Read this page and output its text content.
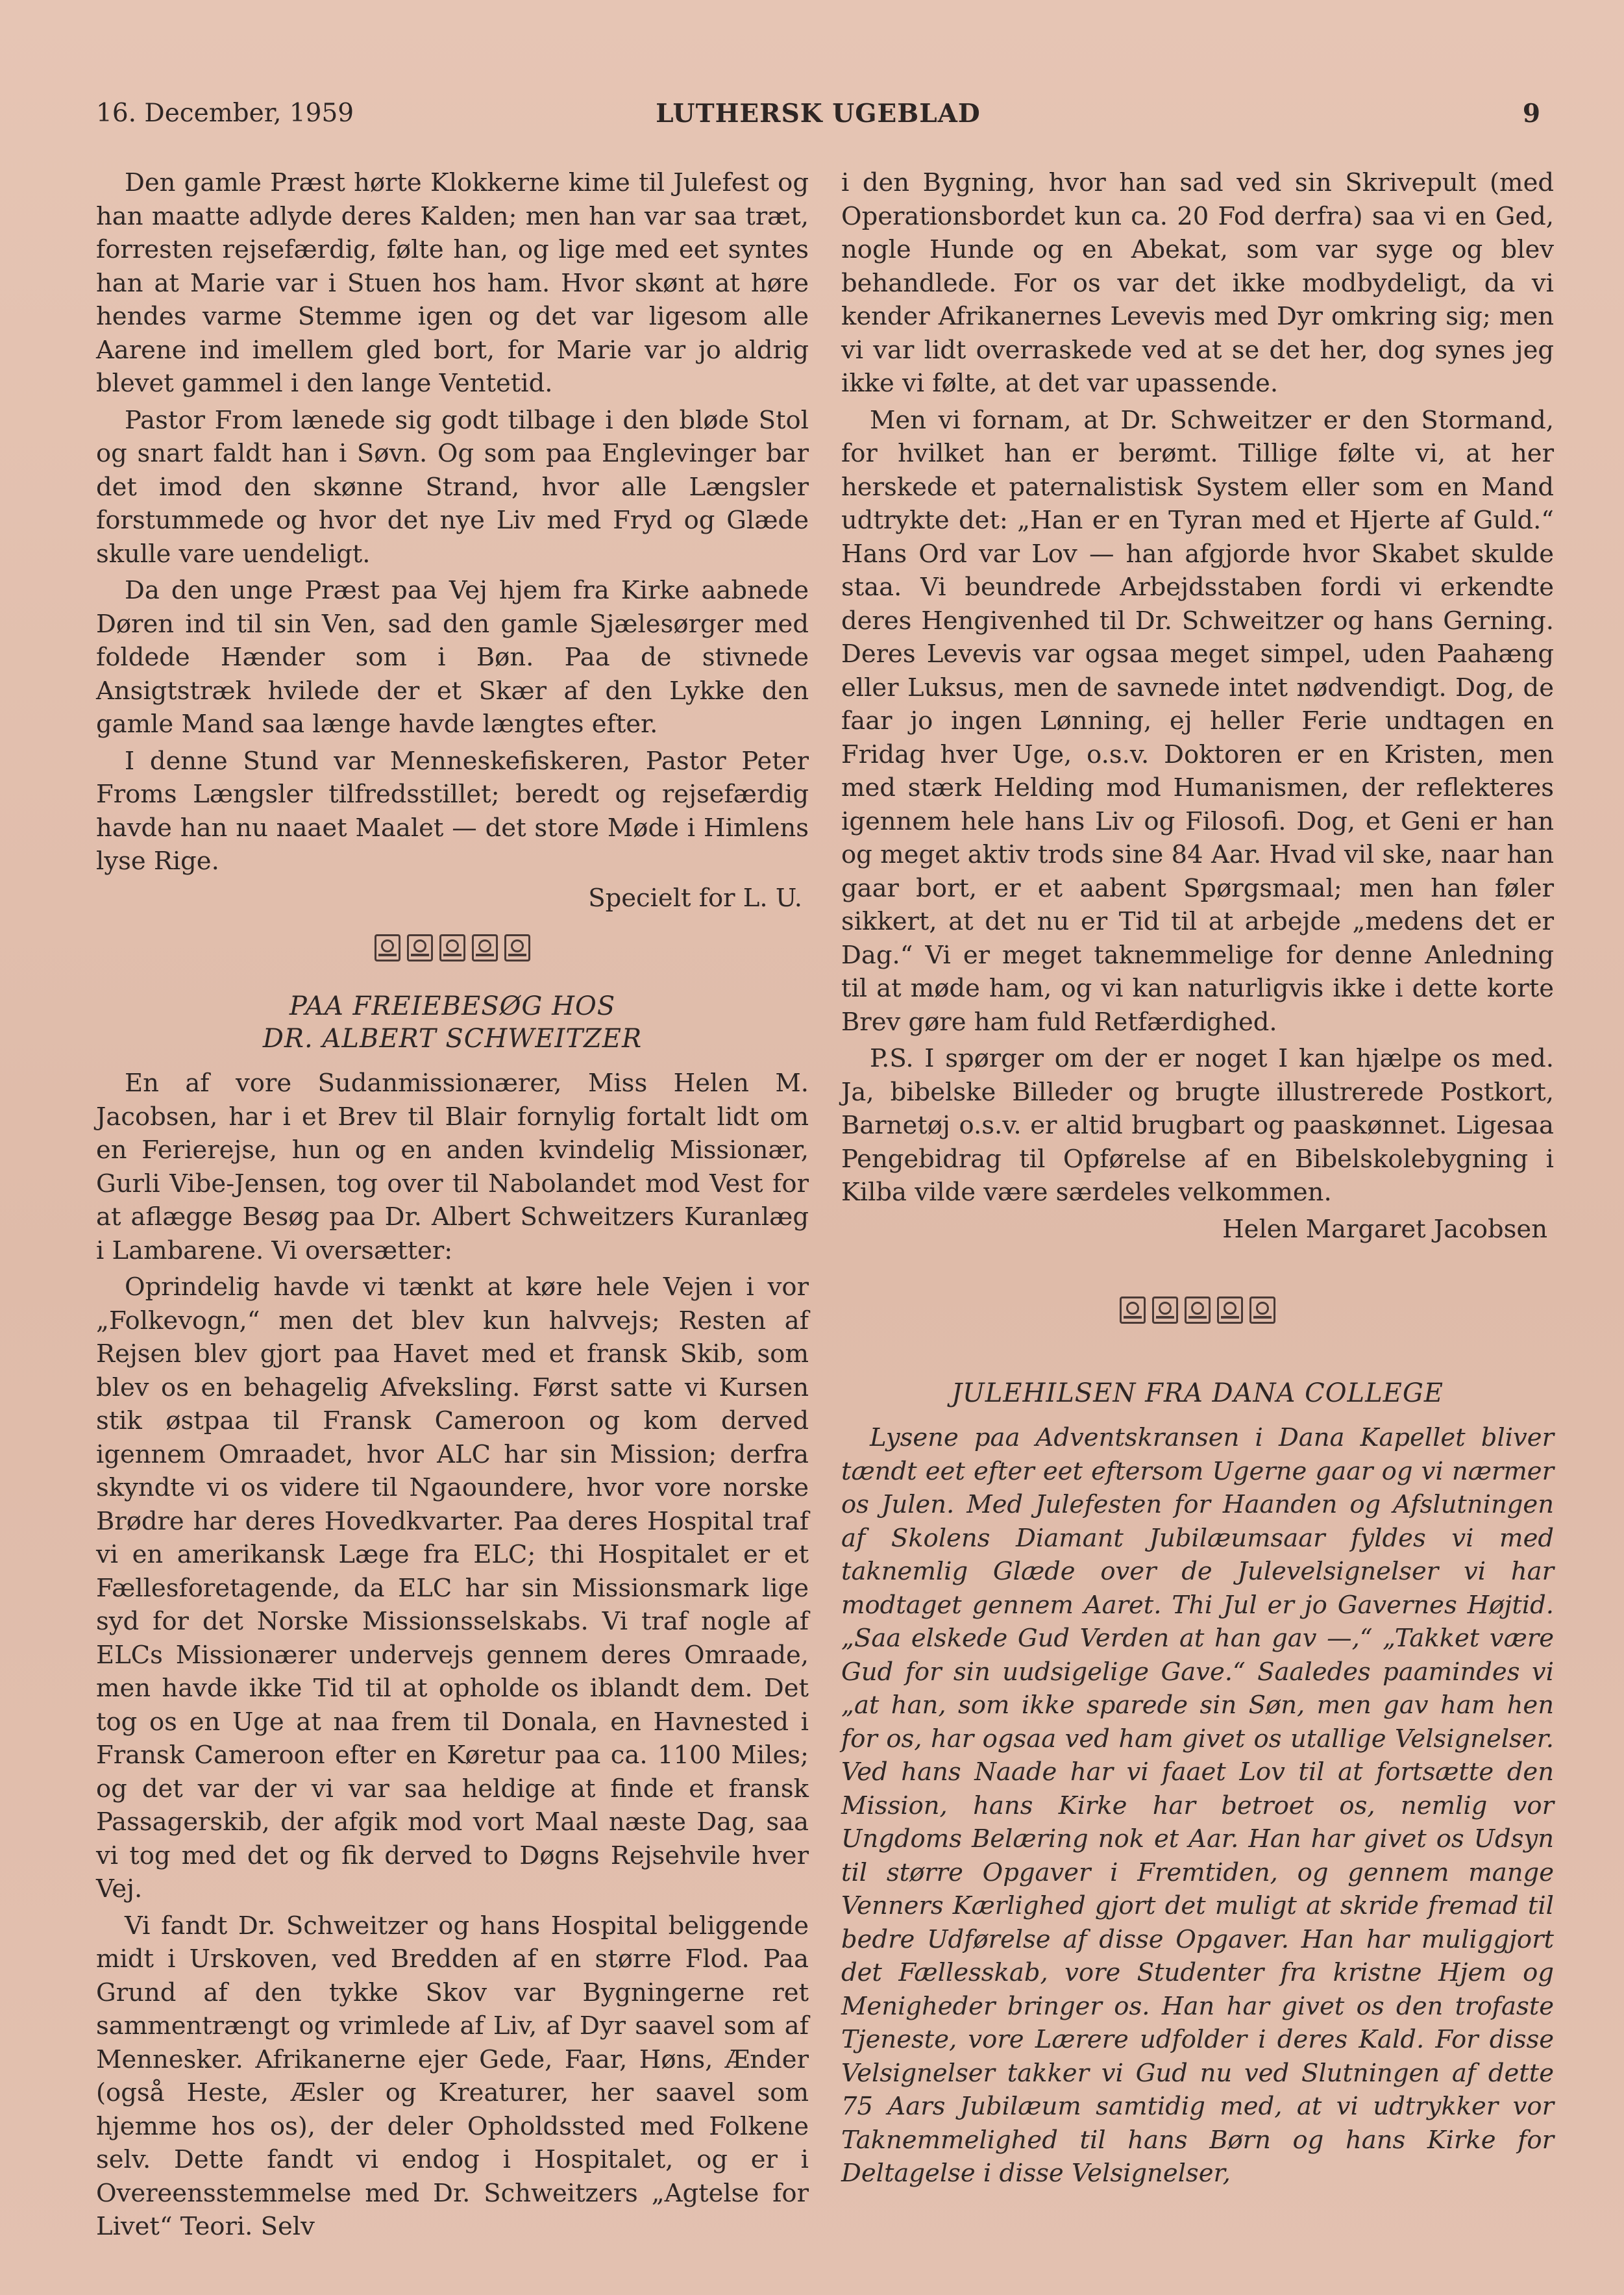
16. December, 1959	LUTHERSK UGEBLAD	9

Den gamle Præst hørte Klokkerne kime til Julefest og han maatte adlyde deres Kalden; men han var saa træt, forresten rejsefærdig, følte han, og lige med eet syntes han at Marie var i Stuen hos ham. Hvor skønt at høre hendes varme Stemme igen og det var ligesom alle Aarene ind imellem gled bort, for Marie var jo aldrig blevet gammel i den lange Ventetid.

Pastor From lænede sig godt tilbage i den bløde Stol og snart faldt han i Søvn. Og som paa Englevinger bar det imod den skønne Strand, hvor alle Længsler forstummede og hvor det nye Liv med Fryd og Glæde skulle vare uendeligt.

Da den unge Præst paa Vej hjem fra Kirke aabnede Døren ind til sin Ven, sad den gamle Sjælesørger med foldede Hænder som i Bøn. Paa de stivnede Ansigtstræk hvilede der et Skær af den Lykke den gamle Mand saa længe havde længtes efter.

I denne Stund var Menneskefiskeren, Pastor Peter Froms Længsler tilfredsstillet; beredt og rejsefærdig havde han nu naaet Maalet — det store Møde i Himlens lyse Rige.

Specielt for L. U.
PAA FREIEBESØG HOS
DR. ALBERT SCHWEITZER

En af vore Sudanmissionærer, Miss Helen M. Jacobsen, har i et Brev til Blair fornylig fortalt lidt om en Ferierejse, hun og en anden kvindelig Missionær, Gurli Vibe-Jensen, tog over til Nabolandet mod Vest for at aflægge Besøg paa Dr. Albert Schweitzers Kuranlæg i Lambarene. Vi oversætter:

Oprindelig havde vi tænkt at køre hele Vejen i vor „Folkevogn,“ men det blev kun halvvejs; Resten af Rejsen blev gjort paa Havet med et fransk Skib, som blev os en behagelig Afveksling. Først satte vi Kursen stik østpaa til Fransk Cameroon og kom derved igennem Omraadet, hvor ALC har sin Mission; derfra skyndte vi os videre til Ngaoundere, hvor vore norske Brødre har deres Hovedkvarter. Paa deres Hospital traf vi en amerikansk Læge fra ELC; thi Hospitalet er et Fællesforetagende, da ELC har sin Missionsmark lige syd for det Norske Missionsselskabs. Vi traf nogle af ELCs Missionærer undervejs gennem deres Omraade, men havde ikke Tid til at opholde os iblandt dem. Det tog os en Uge at naa frem til Donala, en Havnested i Fransk Cameroon efter en Køretur paa ca. 1100 Miles; og det var der vi var saa heldige at finde et fransk Passagerskib, der afgik mod vort Maal næste Dag, saa vi tog med det og fik derved to Døgns Rejsehvile hver Vej.

Vi fandt Dr. Schweitzer og hans Hospital beliggende midt i Urskoven, ved Bredden af en større Flod. Paa Grund af den tykke Skov var Bygningerne ret sammentrængt og vrimlede af Liv, af Dyr saavel som af Mennesker. Afrikanerne ejer Gede, Faar, Høns, Ænder (også Heste, Æsler og Kreaturer, her saavel som hjemme hos os), der deler Opholdssted med Folkene selv. Dette fandt vi endog i Hospitalet, og er i Overeensstemmelse med Dr. Schweitzers „Agtelse for Livet“ Teori. Selv

i den Bygning, hvor han sad ved sin Skrivepult (med Operationsbordet kun ca. 20 Fod derfra) saa vi en Ged, nogle Hunde og en Abekat, som var syge og blev behandlede. For os var det ikke modbydeligt, da vi kender Afrikanernes Levevis med Dyr omkring sig; men vi var lidt overraskede ved at se det her, dog synes jeg ikke vi følte, at det var upassende.

Men vi fornam, at Dr. Schweitzer er den Stormand, for hvilket han er berømt. Tillige følte vi, at her herskede et paternalistisk System eller som en Mand udtrykte det: „Han er en Tyran med et Hjerte af Guld.“ Hans Ord var Lov — han afgjorde hvor Skabet skulde staa. Vi beundrede Arbejdsstaben fordi vi erkendte deres Hengivenhed til Dr. Schweitzer og hans Gerning. Deres Levevis var ogsaa meget simpel, uden Paahæng eller Luksus, men de savnede intet nødvendigt. Dog, de faar jo ingen Lønning, ej heller Ferie undtagen en Fridag hver Uge, o.s.v. Doktoren er en Kristen, men med stærk Helding mod Humanismen, der reflekteres igennem hele hans Liv og Filosofi. Dog, et Geni er han og meget aktiv trods sine 84 Aar. Hvad vil ske, naar han gaar bort, er et aabent Spørgsmaal; men han føler sikkert, at det nu er Tid til at arbejde „medens det er Dag.“ Vi er meget taknemmelige for denne Anledning til at møde ham, og vi kan naturligvis ikke i dette korte Brev gøre ham fuld Retfærdighed.

P.S. I spørger om der er noget I kan hjælpe os med. Ja, bibelske Billeder og brugte illustrerede Postkort, Barnetøj o.s.v. er altid brugbart og paaskønnet. Ligesaa Pengebidrag til Opførelse af en Bibelskolebygning i Kilba vilde være særdeles velkommen.

Helen Margaret Jacobsen
JULEHILSEN FRA DANA COLLEGE

Lysene paa Adventskransen i Dana Kapellet bliver tændt eet efter eet eftersom Ugerne gaar og vi nærmer os Julen. Med Julefesten for Haanden og Afslutningen af Skolens Diamant Jubilæumsaar fyldes vi med taknemlig Glæde over de Julevelsignelser vi har modtaget gennem Aaret. Thi Jul er jo Gavernes Højtid. „Saa elskede Gud Verden at han gav —,“ „Takket være Gud for sin uudsigelige Gave.“ Saaledes paamindes vi „at han, som ikke sparede sin Søn, men gav ham hen for os, har ogsaa ved ham givet os utallige Velsignelser. Ved hans Naade har vi faaet Lov til at fortsætte den Mission, hans Kirke har betroet os, nemlig vor Ungdoms Belæring nok et Aar. Han har givet os Udsyn til større Opgaver i Fremtiden, og gennem mange Venners Kærlighed gjort det muligt at skride fremad til bedre Udførelse af disse Opgaver. Han har muliggjort det Fællesskab, vore Studenter fra kristne Hjem og Menigheder bringer os. Han har givet os den trofaste Tjeneste, vore Lærere udfolder i deres Kald. For disse Velsignelser takker vi Gud nu ved Slutningen af dette 75 Aars Jubilæum samtidig med, at vi udtrykker vor Taknemmelighed til hans Børn og hans Kirke for Deltagelse i disse Velsignelser,
